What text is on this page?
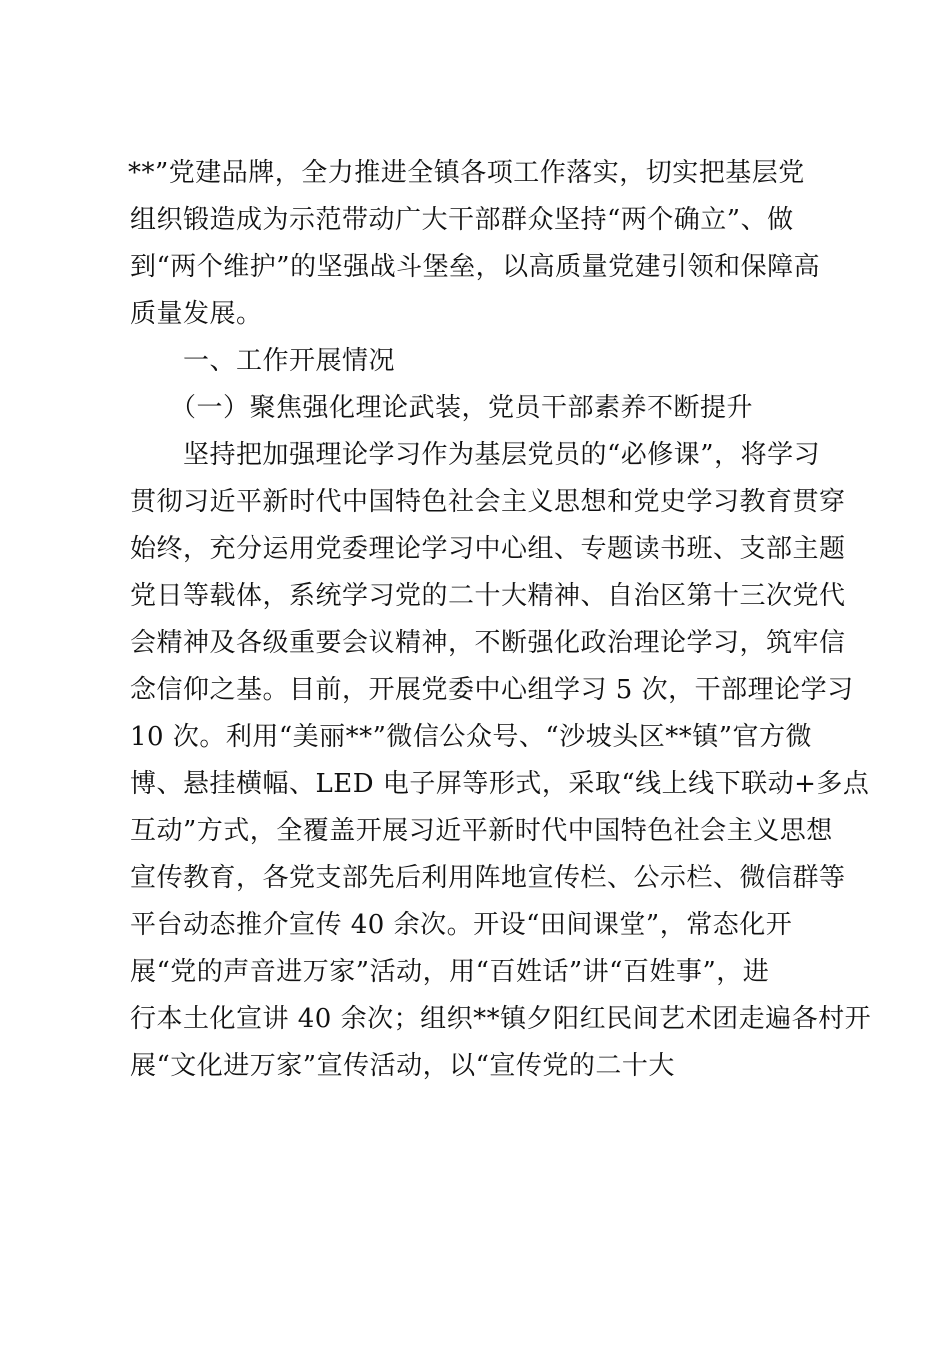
**”党建品牌，全力推进全镇各项工作落实，切实把基层党
组织锻造成为示范带动广大干部群众坚持“两个确立”、做
到“两个维护”的坚强战斗堡垒，以高质量党建引领和保障高
质量发展。
一、工作开展情况
（一）聚焦强化理论武装，党员干部素养不断提升
坚持把加强理论学习作为基层党员的“必修课”，将学习
贯彻习近平新时代中国特色社会主义思想和党史学习教育贯穿
始终，充分运用党委理论学习中心组、专题读书班、支部主题
党日等载体，系统学习党的二十大精神、自治区第十三次党代
会精神及各级重要会议精神，不断强化政治理论学习，筑牢信
念信仰之基。目前，开展党委中心组学习 5 次，干部理论学习
10 次。利用“美丽**”微信公众号、“沙坡头区**镇”官方微
博、悬挂横幅、LED 电子屏等形式，采取“线上线下联动+多点
互动”方式，全覆盖开展习近平新时代中国特色社会主义思想
宣传教育，各党支部先后利用阵地宣传栏、公示栏、微信群等
平台动态推介宣传 40 余次。开设“田间课堂”，常态化开
展“党的声音进万家”活动，用“百姓话”讲“百姓事”，进
行本土化宣讲 40 余次；组织**镇夕阳红民间艺术团走遍各村开
展“文化进万家”宣传活动，以“宣传党的二十大
